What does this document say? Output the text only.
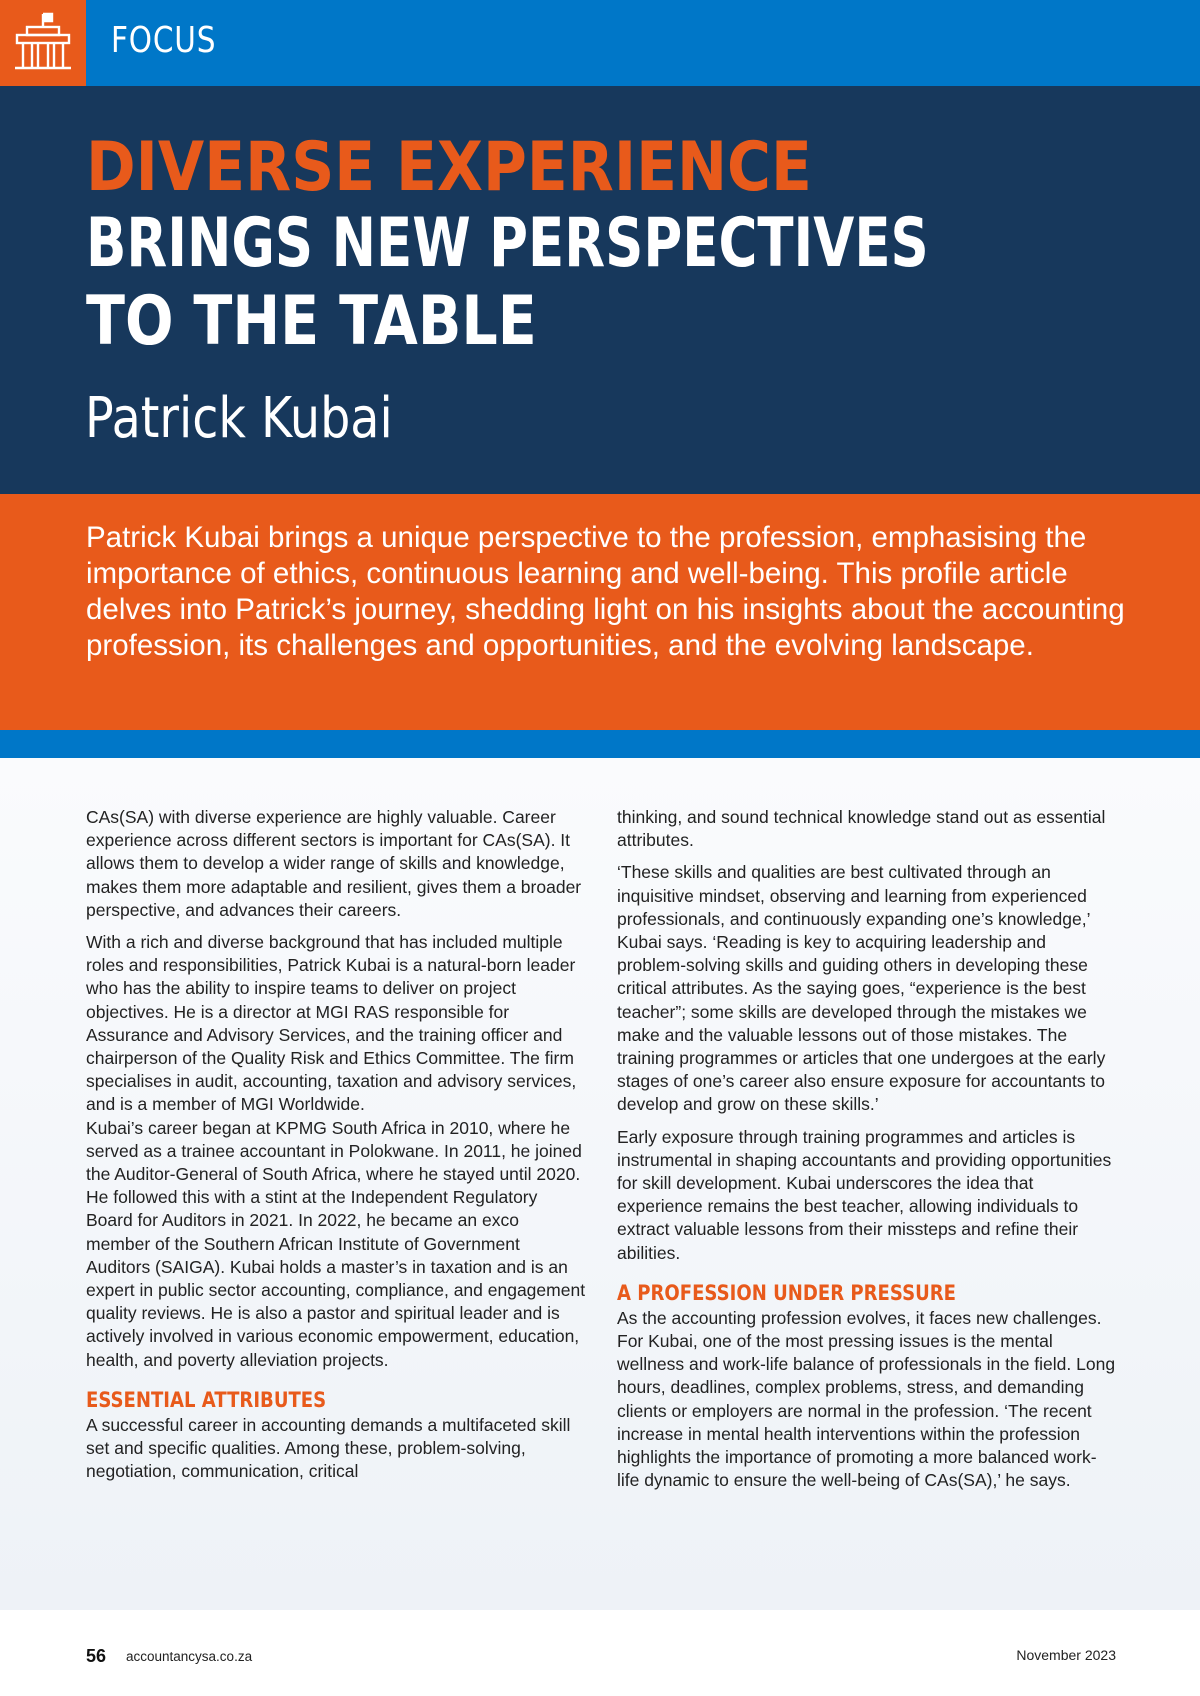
FOCUS
DIVERSE EXPERIENCE
BRINGS NEW PERSPECTIVES
TO THE TABLE

Patrick Kubai

Patrick Kubai brings a unique perspective to the profession, emphasising the importance of ethics, continuous learning and well-being. This profile article delves into Patrick’s journey, shedding light on his insights about the accounting profession, its challenges and opportunities, and the evolving landscape.

CAs(SA) with diverse experience are highly valuable. Career experience across different sectors is important for CAs(SA). It allows them to develop a wider range of skills and knowledge, makes them more adaptable and resilient, gives them a broader perspective, and advances their careers.

With a rich and diverse background that has included multiple roles and responsibilities, Patrick Kubai is a natural-born leader who has the ability to inspire teams to deliver on project objectives. He is a director at MGI RAS responsible for Assurance and Advisory Services, and the training officer and chairperson of the Quality Risk and Ethics Committee. The firm specialises in audit, accounting, taxation and advisory services, and is a member of MGI Worldwide.

Kubai’s career began at KPMG South Africa in 2010, where he served as a trainee accountant in Polokwane. In 2011, he joined the Auditor-General of South Africa, where he stayed until 2020. He followed this with a stint at the Independent Regulatory Board for Auditors in 2021. In 2022, he became an exco member of the Southern African Institute of Government Auditors (SAIGA). Kubai holds a master’s in taxation and is an expert in public sector accounting, compliance, and engagement quality reviews. He is also a pastor and spiritual leader and is actively involved in various economic empowerment, education, health, and poverty alleviation projects.

ESSENTIAL ATTRIBUTES

A successful career in accounting demands a multifaceted skill set and specific qualities. Among these, problem-solving, negotiation, communication, critical

thinking, and sound technical knowledge stand out as essential attributes.

‘These skills and qualities are best cultivated through an inquisitive mindset, observing and learning from experienced professionals, and continuously expanding one’s knowledge,’ Kubai says. ‘Reading is key to acquiring leadership and problem-solving skills and guiding others in developing these critical attributes. As the saying goes, “experience is the best teacher”; some skills are developed through the mistakes we make and the valuable lessons out of those mistakes. The training programmes or articles that one undergoes at the early stages of one’s career also ensure exposure for accountants to develop and grow on these skills.’

Early exposure through training programmes and articles is instrumental in shaping accountants and providing opportunities for skill development. Kubai underscores the idea that experience remains the best teacher, allowing individuals to extract valuable lessons from their missteps and refine their abilities.

A PROFESSION UNDER PRESSURE

As the accounting profession evolves, it faces new challenges. For Kubai, one of the most pressing issues is the mental wellness and work-life balance of professionals in the field. Long hours, deadlines, complex problems, stress, and demanding clients or employers are normal in the profession. ‘The recent increase in mental health interventions within the profession highlights the importance of promoting a more balanced work-life dynamic to ensure the well-being of CAs(SA),’ he says.

56 accountancysa.co.za	November 2023
